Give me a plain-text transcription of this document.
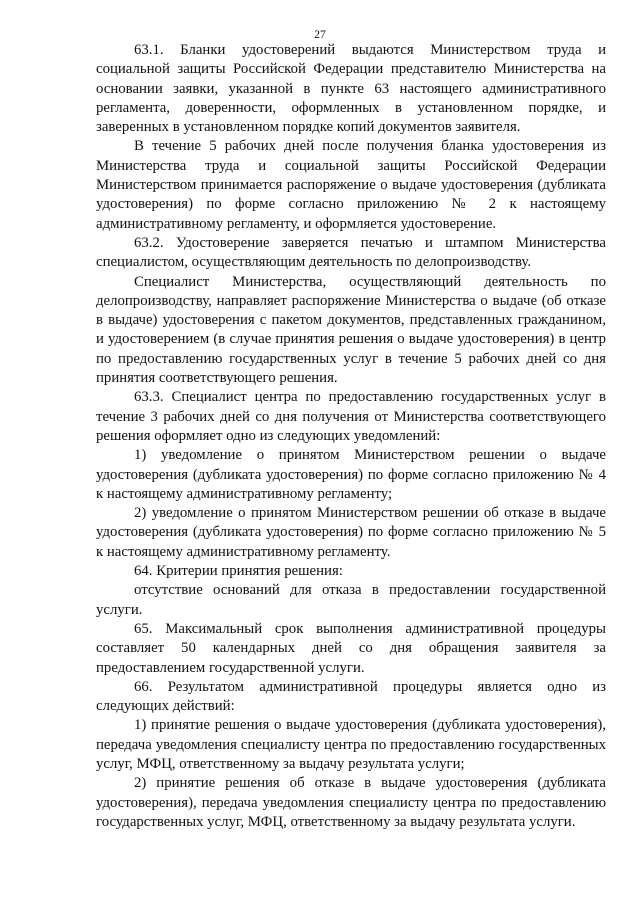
27

63.1. Бланки удостоверений выдаются Министерством труда и социальной защиты Российской Федерации представителю Министерства на основании заявки, указанной в пункте 63 настоящего административного регламента, доверенности, оформленных в установленном порядке, и заверенных в установленном порядке копий документов заявителя.

В течение 5 рабочих дней после получения бланка удостоверения из Министерства труда и социальной защиты Российской Федерации Министерством принимается распоряжение о выдаче удостоверения (дубликата удостоверения) по форме согласно приложению № 2 к настоящему административному регламенту, и оформляется удостоверение.

63.2. Удостоверение заверяется печатью и штампом Министерства специалистом, осуществляющим деятельность по делопроизводству.

Специалист Министерства, осуществляющий деятельность по делопроизводству, направляет распоряжение Министерства о выдаче (об отказе в выдаче) удостоверения с пакетом документов, представленных гражданином, и удостоверением (в случае принятия решения о выдаче удостоверения) в центр по предоставлению государственных услуг в течение 5 рабочих дней со дня принятия соответствующего решения.

63.3. Специалист центра по предоставлению государственных услуг в течение 3 рабочих дней со дня получения от Министерства соответствующего решения оформляет одно из следующих уведомлений:

1) уведомление о принятом Министерством решении о выдаче удостоверения (дубликата удостоверения) по форме согласно приложению № 4 к настоящему административному регламенту;

2) уведомление о принятом Министерством решении об отказе в выдаче удостоверения (дубликата удостоверения) по форме согласно приложению № 5 к настоящему административному регламенту.

64. Критерии принятия решения:

отсутствие оснований для отказа в предоставлении государственной услуги.

65. Максимальный срок выполнения административной процедуры составляет 50 календарных дней со дня обращения заявителя за предоставлением государственной услуги.

66. Результатом административной процедуры является одно из следующих действий:

1) принятие решения о выдаче удостоверения (дубликата удостоверения), передача уведомления специалисту центра по предоставлению государственных услуг, МФЦ, ответственному за выдачу результата услуги;

2) принятие решения об отказе в выдаче удостоверения (дубликата удостоверения), передача уведомления специалисту центра по предоставлению государственных услуг, МФЦ, ответственному за выдачу результата услуги.
